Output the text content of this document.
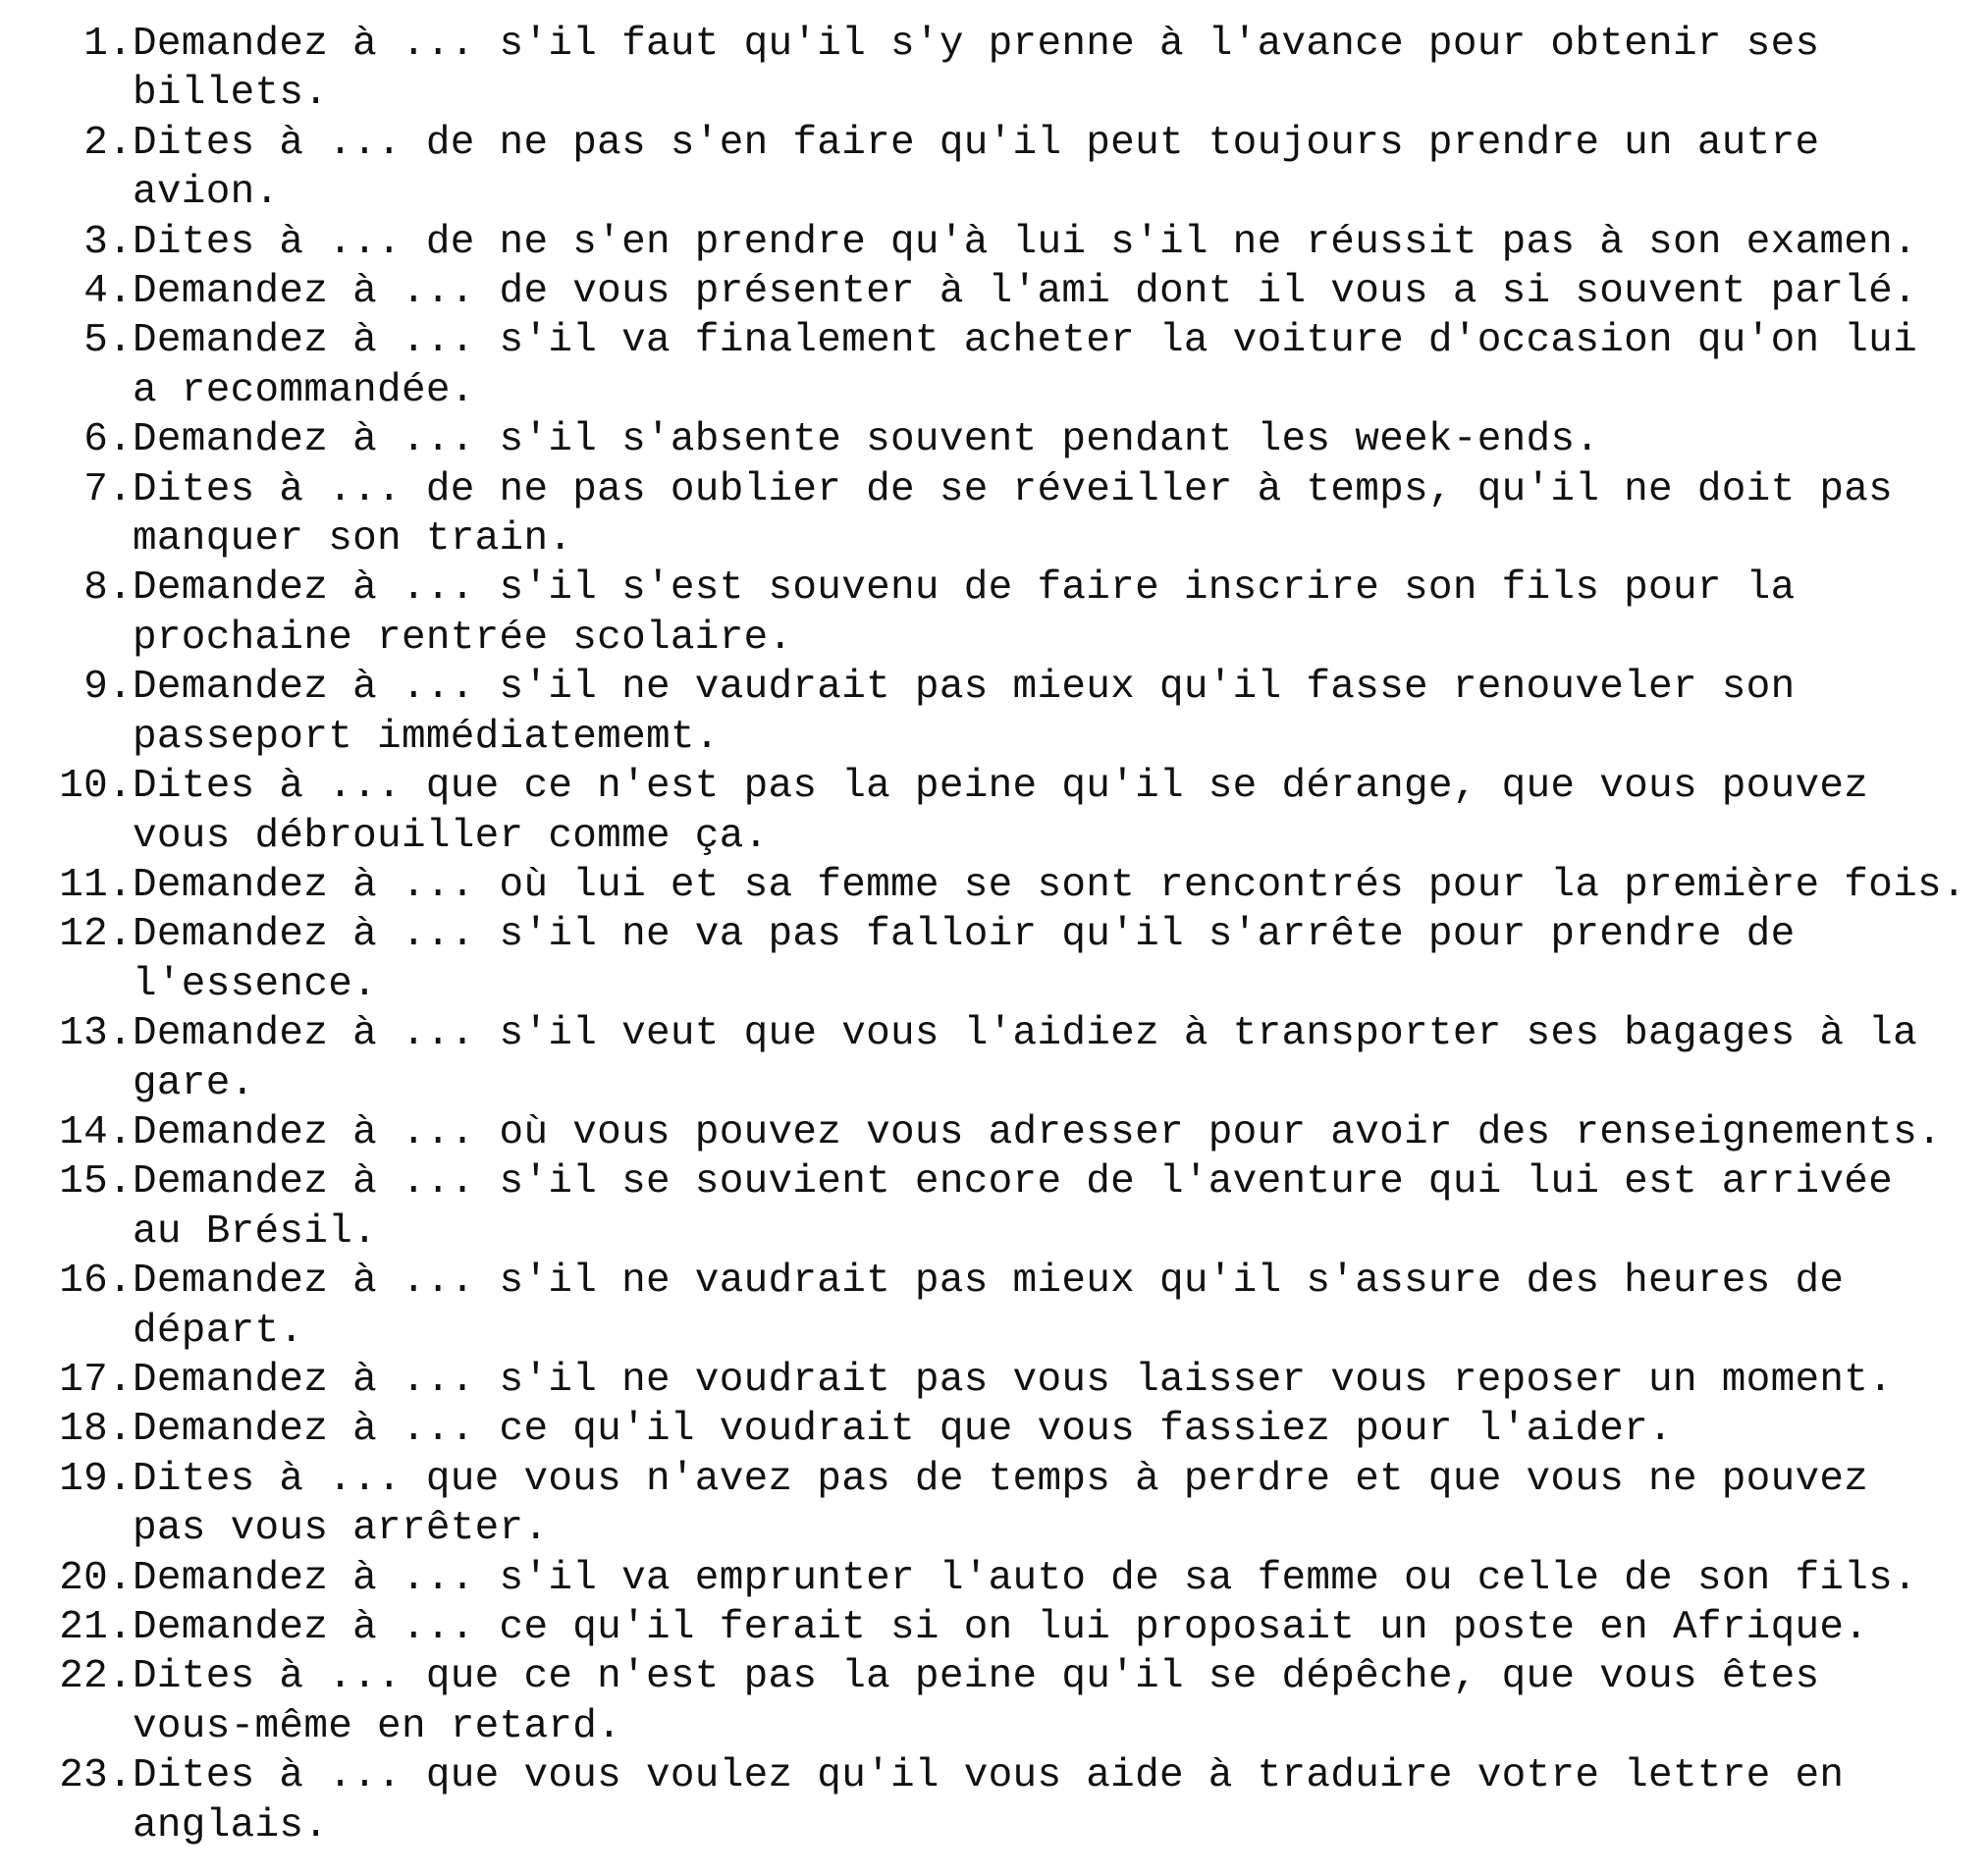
1. Demandez à ... s'il faut qu'il s'y prenne à l'avance pour obtenir ses
billets.
2. Dites à ... de ne pas s'en faire qu'il peut toujours prendre un autre
avion.
3. Dites à ... de ne s'en prendre qu'à lui s'il ne réussit pas à son examen.
4. Demandez à ... de vous présenter à l'ami dont il vous a si souvent parlé.
5. Demandez à ... s'il va finalement acheter la voiture d'occasion qu'on lui
a recommandée.
6. Demandez à ... s'il s'absente souvent pendant les week-ends.
7. Dites à ... de ne pas oublier de se réveiller à temps, qu'il ne doit pas
manquer son train.
8. Demandez à ... s'il s'est souvenu de faire inscrire son fils pour la
prochaine rentrée scolaire.
9. Demandez à ... s'il ne vaudrait pas mieux qu'il fasse renouveler son
passeport immédiatememt.
10. Dites à ... que ce n'est pas la peine qu'il se dérange, que vous pouvez
vous débrouiller comme ça.
11. Demandez à ... où lui et sa femme se sont rencontrés pour la première fois.
12. Demandez à ... s'il ne va pas falloir qu'il s'arrête pour prendre de
l'essence.
13. Demandez à ... s'il veut que vous l'aidiez à transporter ses bagages à la
gare.
14. Demandez à ... où vous pouvez vous adresser pour avoir des renseignements.
15. Demandez à ... s'il se souvient encore de l'aventure qui lui est arrivée
au Brésil.
16. Demandez à ... s'il ne vaudrait pas mieux qu'il s'assure des heures de
départ.
17. Demandez à ... s'il ne voudrait pas vous laisser vous reposer un moment.
18. Demandez à ... ce qu'il voudrait que vous fassiez pour l'aider.
19. Dites à ... que vous n'avez pas de temps à perdre et que vous ne pouvez
pas vous arrêter.
20. Demandez à ... s'il va emprunter l'auto de sa femme ou celle de son fils.
21. Demandez à ... ce qu'il ferait si on lui proposait un poste en Afrique.
22. Dites à ... que ce n'est pas la peine qu'il se dépêche, que vous êtes
vous-même en retard.
23. Dites à ... que vous voulez qu'il vous aide à traduire votre lettre en
anglais.
